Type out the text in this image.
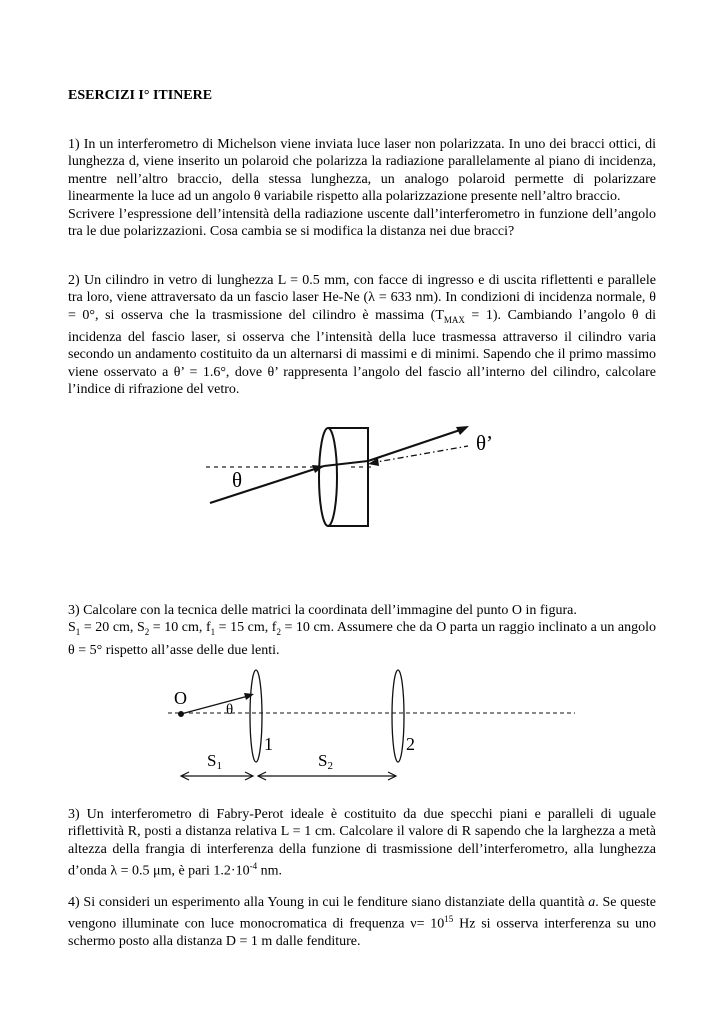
ESERCIZI I° ITINERE
1) In un interferometro di Michelson viene inviata luce laser non polarizzata. In uno dei bracci ottici, di lunghezza d, viene inserito un polaroid che polarizza la radiazione parallelamente al piano di incidenza, mentre nell’altro braccio, della stessa lunghezza, un analogo polaroid permette di polarizzare linearmente la luce ad un angolo θ variabile rispetto alla polarizzazione presente nell’altro braccio.
Scrivere l’espressione dell’intensità della radiazione uscente dall’interferometro in funzione dell’angolo tra le due polarizzazioni. Cosa cambia se si modifica la distanza nei due bracci?
2) Un cilindro in vetro di lunghezza L = 0.5 mm, con facce di ingresso e di uscita riflettenti e parallele tra loro, viene attraversato da un fascio laser He-Ne (λ = 633 nm). In condizioni di incidenza normale, θ = 0°, si osserva che la trasmissione del cilindro è massima $(T_{MAX} = 1)$. Cambiando l’angolo θ di incidenza del fascio laser, si osserva che l’intensità della luce trasmessa attraverso il cilindro varia secondo un andamento costituito da un alternarsi di massimi e di minimi. Sapendo che il primo massimo viene osservato a θ’ = 1.6°, dove θ’ rappresenta l’angolo del fascio all’interno del cilindro, calcolare l’indice di rifrazione del vetro.
θ
θ’
3) Calcolare con la tecnica delle matrici la coordinata dell’immagine del punto O in figura.
$S_1 = 20$ cm, $S_2 = 10$ cm, $f_1 = 15$ cm, $f_2 = 10$ cm. Assumere che da O parta un raggio inclinato a un angolo θ = 5° rispetto all’asse delle due lenti.
O
θ
1	2
S1	S2
3) Un interferometro di Fabry-Perot ideale è costituito da due specchi piani e paralleli di uguale riflettività R, posti a distanza relativa L = 1 cm. Calcolare il valore di R sapendo che la larghezza a metà altezza della frangia di interferenza della funzione di trasmissione dell’interferometro, alla lunghezza d’onda λ = 0.5 μm, è pari $1.2\cdot 10^{-4}$ nm.
4) Si consideri un esperimento alla Young in cui le fenditure siano distanziate della quantità a. Se queste vengono illuminate con luce monocromatica di frequenza $\nu= 10^{15}$ Hz si osserva interferenza su uno schermo posto alla distanza D = 1 m dalle fenditure.
